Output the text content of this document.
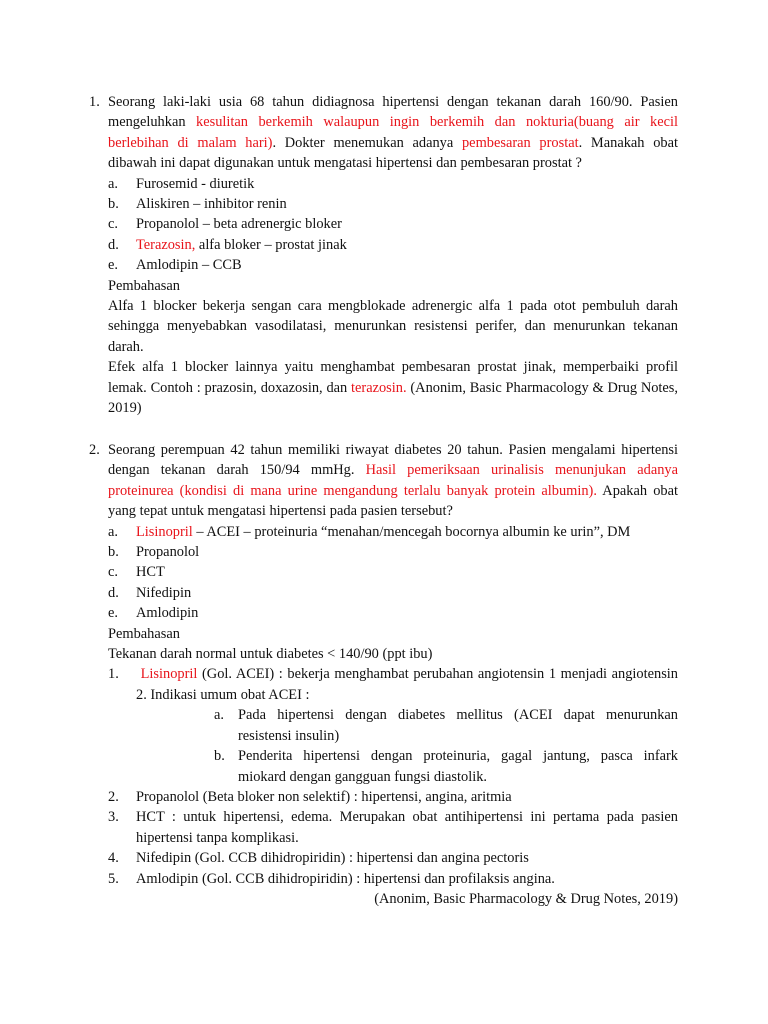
1. Seorang laki-laki usia 68 tahun didiagnosa hipertensi dengan tekanan darah 160/90. Pasien mengeluhkan kesulitan berkemih walaupun ingin berkemih dan nokturia(buang air kecil berlebihan di malam hari). Dokter menemukan adanya pembesaran prostat. Manakah obat dibawah ini dapat digunakan untuk mengatasi hipertensi dan pembesaran prostat ?
a. Furosemid - diuretik
b. Aliskiren – inhibitor renin
c. Propanolol – beta adrenergic bloker
d. Terazosin, alfa bloker – prostat jinak
e. Amlodipin – CCB
Pembahasan
Alfa 1 blocker bekerja sengan cara mengblokade adrenergic alfa 1 pada otot pembuluh darah sehingga menyebabkan vasodilatasi, menurunkan resistensi perifer, dan menurunkan tekanan darah.
Efek alfa 1 blocker lainnya yaitu menghambat pembesaran prostat jinak, memperbaiki profil lemak. Contoh : prazosin, doxazosin, dan terazosin. (Anonim, Basic Pharmacology & Drug Notes, 2019)
2. Seorang perempuan 42 tahun memiliki riwayat diabetes 20 tahun. Pasien mengalami hipertensi dengan tekanan darah 150/94 mmHg. Hasil pemeriksaan urinalisis menunjukan adanya proteinurea (kondisi di mana urine mengandung terlalu banyak protein albumin). Apakah obat yang tepat untuk mengatasi hipertensi pada pasien tersebut?
a. Lisinopril – ACEI – proteinuria “menahan/mencegah bocornya albumin ke urin”, DM
b. Propanolol
c. HCT
d. Nifedipin
e. Amlodipin
Pembahasan
Tekanan darah normal untuk diabetes < 140/90 (ppt ibu)
1. Lisinopril (Gol. ACEI) : bekerja menghambat perubahan angiotensin 1 menjadi angiotensin 2. Indikasi umum obat ACEI :
a. Pada hipertensi dengan diabetes mellitus (ACEI dapat menurunkan resistensi insulin)
b. Penderita hipertensi dengan proteinuria, gagal jantung, pasca infark miokard dengan gangguan fungsi diastolik.
2. Propanolol (Beta bloker non selektif) : hipertensi, angina, aritmia
3. HCT : untuk hipertensi, edema. Merupakan obat antihipertensi ini pertama pada pasien hipertensi tanpa komplikasi.
4. Nifedipin (Gol. CCB dihidropiridin) : hipertensi dan angina pectoris
5. Amlodipin (Gol. CCB dihidropiridin) : hipertensi dan profilaksis angina.
(Anonim, Basic Pharmacology & Drug Notes, 2019)
